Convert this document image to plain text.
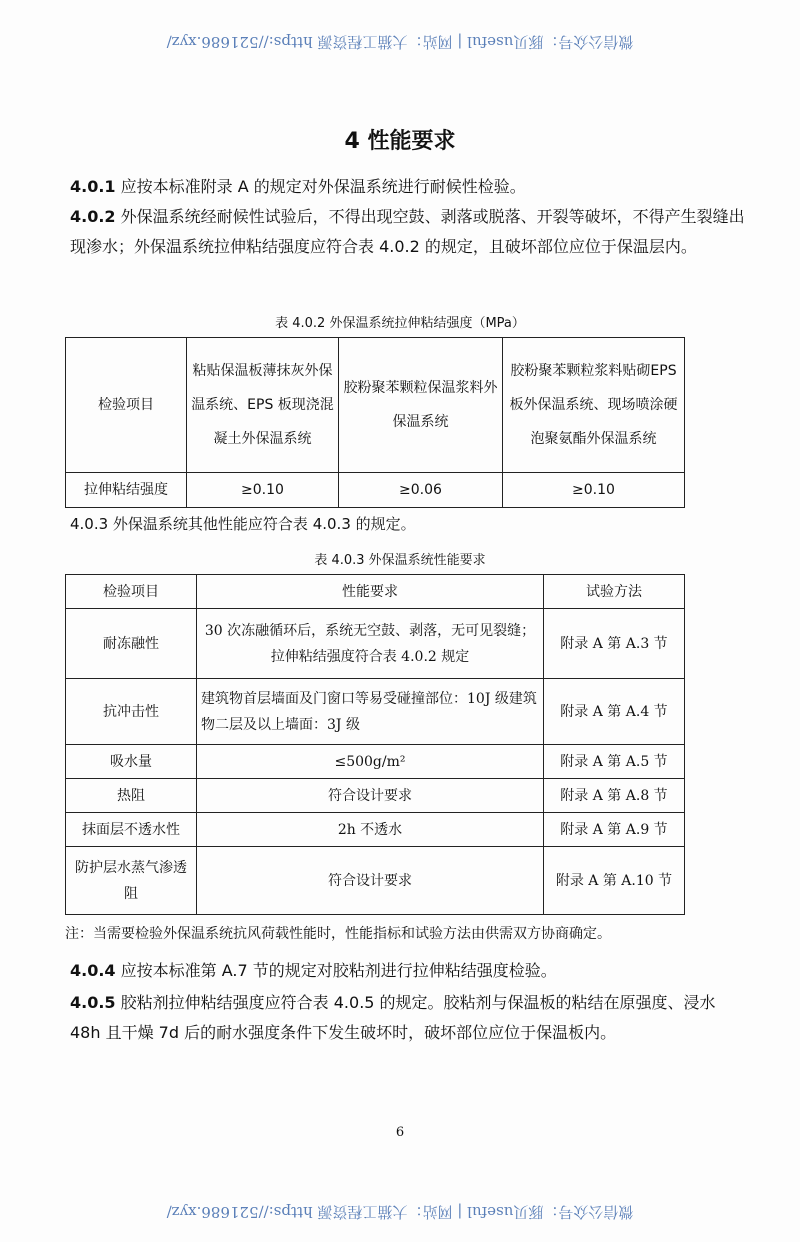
微信公众号：豚贝useful | 网站：大猫工程资源 https://521686.xyz/
4 性能要求
4.0.1 应按本标准附录 A 的规定对外保温系统进行耐候性检验。
4.0.2 外保温系统经耐候性试验后，不得出现空鼓、剥落或脱落、开裂等破坏，不得产生裂缝出现渗水；外保温系统拉伸粘结强度应符合表 4.0.2 的规定，且破坏部位应位于保温层内。
表 4.0.2 外保温系统拉伸粘结强度（MPa）
检验项目	粘贴保温板薄抹灰外保温系统、EPS 板现浇混凝土外保温系统	胶粉聚苯颗粒保温浆料外保温系统	胶粉聚苯颗粒浆料贴砌EPS 板外保温系统、现场喷涂硬泡聚氨酯外保温系统
拉伸粘结强度	≥0.10	≥0.06	≥0.10
4.0.3 外保温系统其他性能应符合表 4.0.3 的规定。
表 4.0.3 外保温系统性能要求
检验项目	性能要求	试验方法
耐冻融性	30 次冻融循环后，系统无空鼓、剥落，无可见裂缝；拉伸粘结强度符合表 4.0.2 规定	附录 A 第 A.3 节
抗冲击性	建筑物首层墙面及门窗口等易受碰撞部位：10J 级建筑物二层及以上墙面：3J 级	附录 A 第 A.4 节
吸水量	≤500g/m²	附录 A 第 A.5 节
热阻	符合设计要求	附录 A 第 A.8 节
抹面层不透水性	2h 不透水	附录 A 第 A.9 节
防护层水蒸气渗透阻	符合设计要求	附录 A 第 A.10 节
注：当需要检验外保温系统抗风荷载性能时，性能指标和试验方法由供需双方协商确定。
4.0.4 应按本标准第 A.7 节的规定对胶粘剂进行拉伸粘结强度检验。
4.0.5 胶粘剂拉伸粘结强度应符合表 4.0.5 的规定。胶粘剂与保温板的粘结在原强度、浸水 48h 且干燥 7d 后的耐水强度条件下发生破坏时，破坏部位应位于保温板内。
6
微信公众号：豚贝useful | 网站：大猫工程资源 https://521686.xyz/
